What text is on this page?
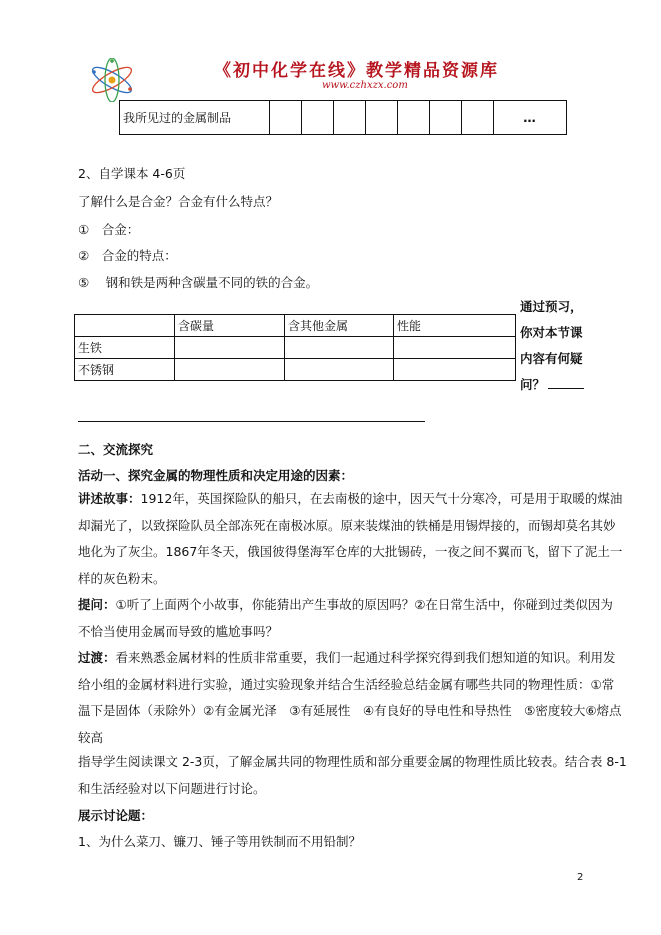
《初中化学在线》教学精品资源库
www.czhxzx.com
我所见过的金属制品								…
2、自学课本 4-6页
了解什么是合金？合金有什么特点？
①　合金：
②　合金的特点：
⑤　 钢和铁是两种含碳量不同的铁的合金。
	含碳量	含其他金属	性能
生铁			
不锈钢			
通过预习，
你对本节课
内容有何疑
问？
二、交流探究
活动一、探究金属的物理性质和决定用途的因素：
讲述故事：1912年，英国探险队的船只，在去南极的途中，因天气十分寒冷，可是用于取暖的煤油
却漏光了，以致探险队员全部冻死在南极冰原。原来装煤油的铁桶是用锡焊接的，而锡却莫名其妙
地化为了灰尘。1867年冬天，俄国彼得堡海军仓库的大批锡砖，一夜之间不翼而飞，留下了泥土一
样的灰色粉末。
提问：①听了上面两个小故事，你能猜出产生事故的原因吗？②在日常生活中，你碰到过类似因为
不恰当使用金属而导致的尴尬事吗？
过渡：看来熟悉金属材料的性质非常重要，我们一起通过科学探究得到我们想知道的知识。利用发
给小组的金属材料进行实验，通过实验现象并结合生活经验总结金属有哪些共同的物理性质：①常
温下是固体（汞除外）②有金属光泽　③有延展性　④有良好的导电性和导热性　⑤密度较大⑥熔点
较高
指导学生阅读课文 2-3页，了解金属共同的物理性质和部分重要金属的物理性质比较表。结合表 8-1
和生活经验对以下问题进行讨论。
展示讨论题：
1、为什么菜刀、镰刀、锤子等用铁制而不用铅制？
2
